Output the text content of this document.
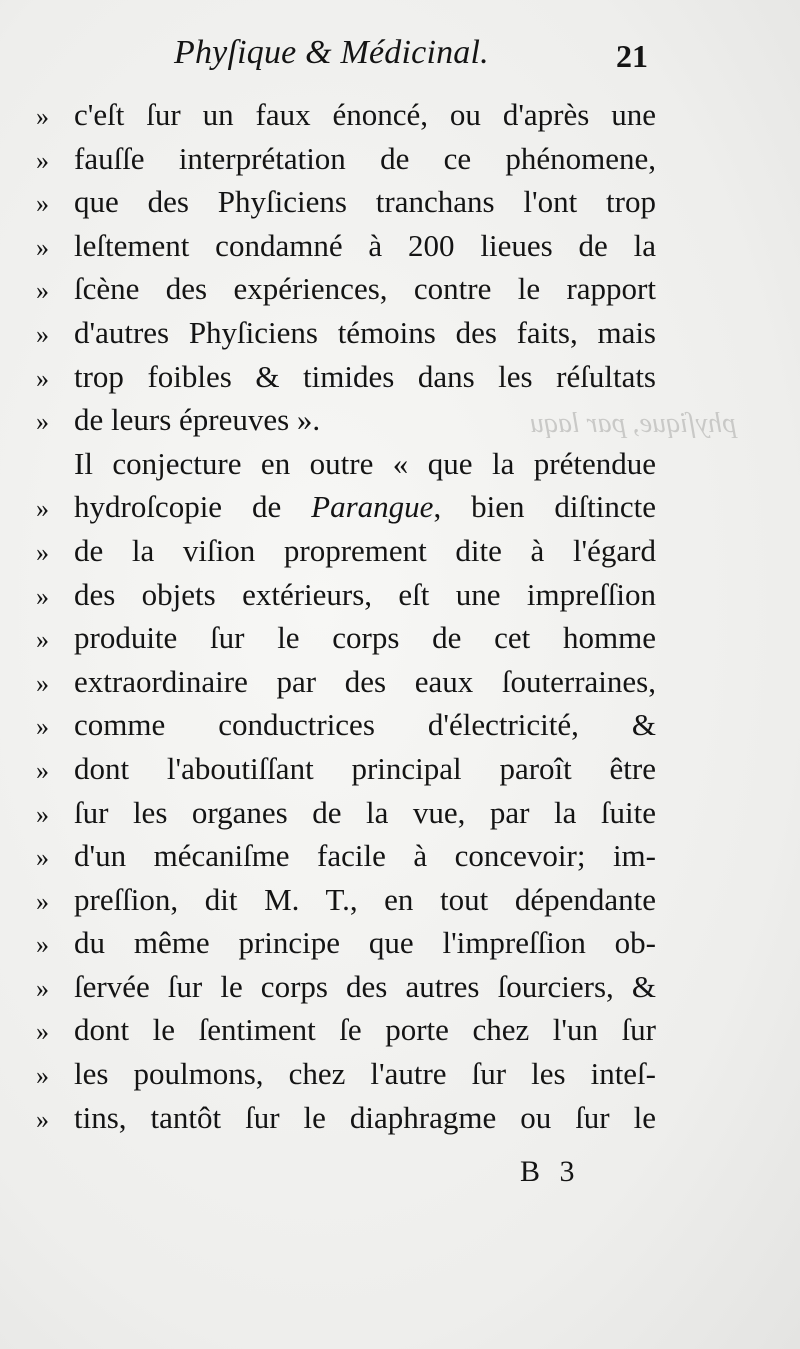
Phyſique & Médicinal.	21
phyſique, par laqu
» c'eſt ſur un faux énoncé, ou d'après une
» fauſſe interprétation de ce phénomene,
» que des Phyſiciens tranchans l'ont trop
» leſtement condamné à 200 lieues de la
» ſcène des expériences, contre le rapport
» d'autres Phyſiciens témoins des faits, mais
» trop foibles & timides dans les réſultats
» de leurs épreuves ».
Il conjecture en outre « que la prétendue
» hydroſcopie de Parangue, bien diſtincte
» de la viſion proprement dite à l'égard
» des objets extérieurs, eſt une impreſſion
» produite ſur le corps de cet homme
» extraordinaire par des eaux ſouterraines,
» comme conductrices d'électricité, &
» dont l'aboutiſſant principal paroît être
» ſur les organes de la vue, par la ſuite
» d'un mécaniſme facile à concevoir; im-
» preſſion, dit M. T., en tout dépendante
» du même principe que l'impreſſion ob-
» ſervée ſur le corps des autres ſourciers, &
» dont le ſentiment ſe porte chez l'un ſur
» les poulmons, chez l'autre ſur les inteſ-
» tins, tantôt ſur le diaphragme ou ſur le
B 3
